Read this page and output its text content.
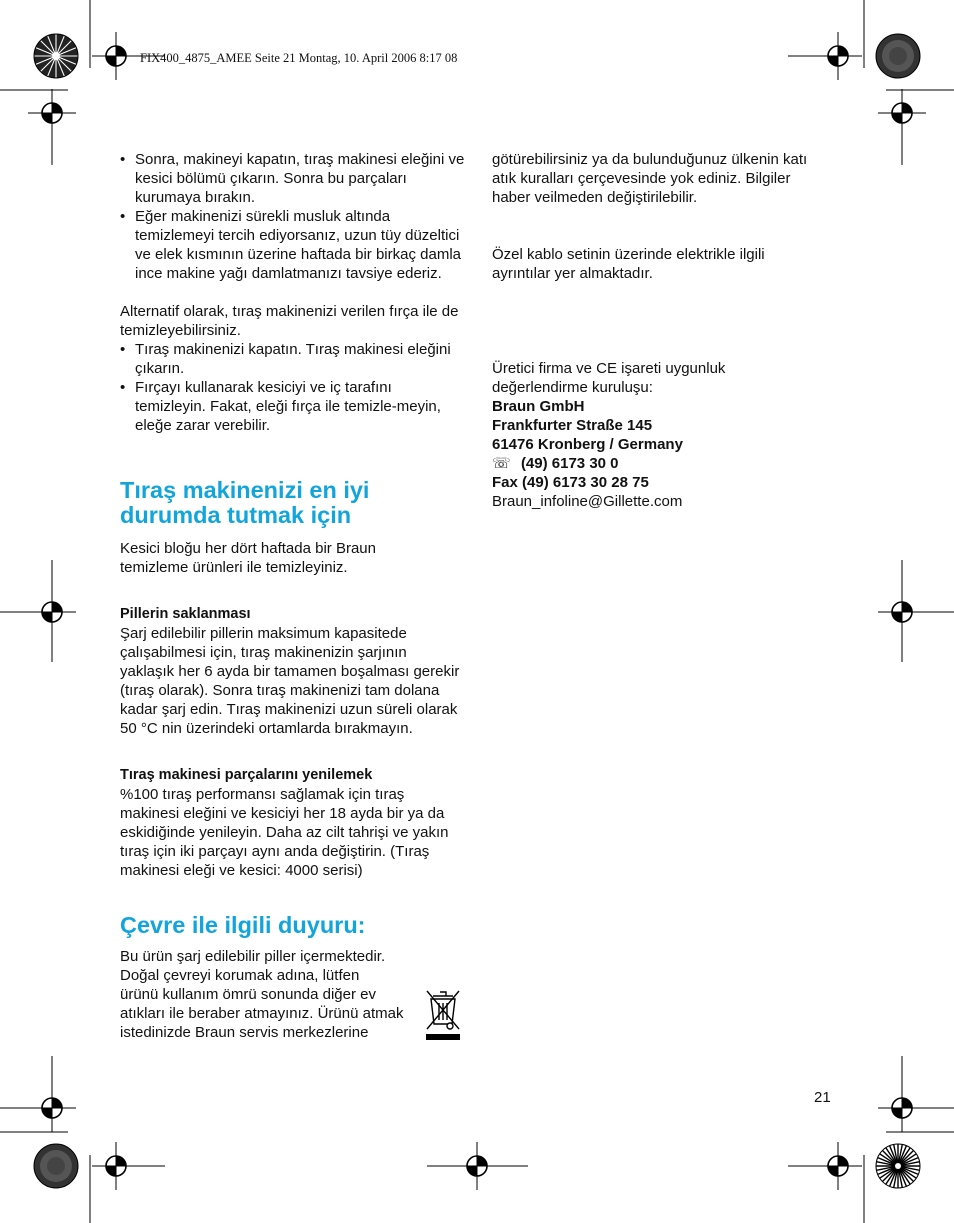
FIX400_4875_AMEE Seite 21 Montag, 10. April 2006 8:17 08

• Sonra, makineyi kapatın, tıraş makinesi eleğini ve kesici bölümü çıkarın. Sonra bu parçaları kurumaya bırakın.

• Eğer makinenizi sürekli musluk altında temizlemeyi tercih ediyorsanız, uzun tüy düzeltici ve elek kısmının üzerine haftada bir birkaç damla ince makine yağı damlatmanızı tavsiye ederiz.

Alternatif olarak, tıraş makinenizi verilen fırça ile de temizleyebilirsiniz.

• Tıraş makinenizi kapatın. Tıraş makinesi eleğini çıkarın.

• Fırçayı kullanarak kesiciyi ve iç tarafını temizleyin. Fakat, eleği fırça ile temizle-meyin, eleğe zarar verebilir.

Tıraş makinenizi en iyi

durumda tutmak için

Kesici bloğu her dört haftada bir Braun temizleme ürünleri ile temizleyiniz.

Pillerin saklanması

Şarj edilebilir pillerin maksimum kapasitede çalışabilmesi için, tıraş makinenizin şarjının yaklaşık her 6 ayda bir tamamen boşalması gerekir (tıraş olarak). Sonra tıraş makinenizi tam dolana kadar şarj edin. Tıraş makinenizi uzun süreli olarak 50 °C nin üzerindeki ortamlarda bırakmayın.

Tıraş makinesi parçalarını yenilemek

%100 tıraş performansı sağlamak için tıraş makinesi eleğini ve kesiciyi her 18 ayda bir ya da eskidiğinde yenileyin. Daha az cilt tahrişi ve yakın tıraş için iki parçayı aynı anda değiştirin. (Tıraş makinesi eleği ve kesici: 4000 serisi)

Çevre ile ilgili duyuru:

Bu ürün şarj edilebilir piller içermektedir.
Doğal çevreyi korumak adına, lütfen
ürünü kullanım ömrü sonunda diğer ev
atıkları ile beraber atmayınız. Ürünü atmak
istedinizde Braun servis merkezlerine

götürebilirsiniz ya da bulunduğunuz ülkenin katı atık kuralları çerçevesinde yok ediniz. Bilgiler haber veilmeden değiştirilebilir.

Özel kablo setinin üzerinde elektrikle ilgili ayrıntılar yer almaktadır.

Üretici firma ve CE işareti uygunluk değerlendirme kuruluşu:

Braun GmbH
Frankfurter Straße 145
61476 Kronberg / Germany
☏ (49) 6173 30 0
Fax (49) 6173 30 28 75
Braun_infoline@Gillette.com
21
